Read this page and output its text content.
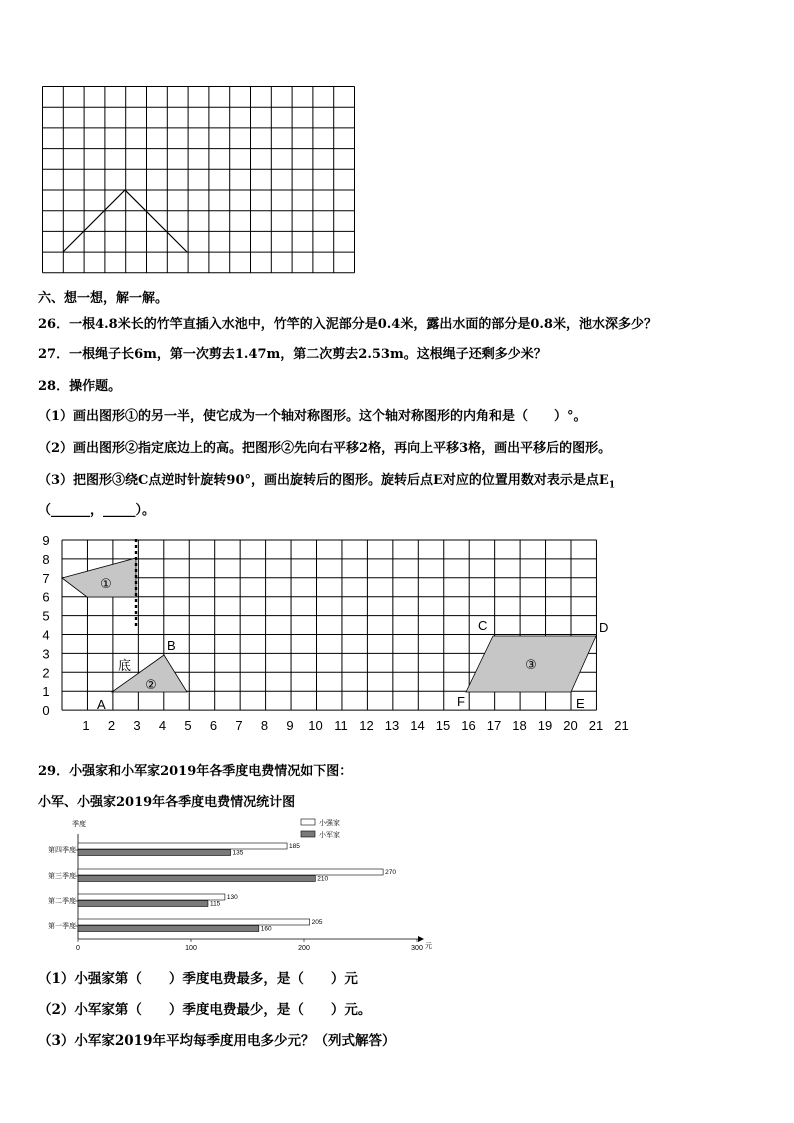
六、想一想，解一解。
26．一根4.8米长的竹竿直插入水池中，竹竿的入泥部分是0.4米，露出水面的部分是0.8米，池水深多少？
27．一根绳子长6m，第一次剪去1.47m，第二次剪去2.53m。这根绳子还剩多少米？
28．操作题。
（1）画出图形①的另一半，使它成为一个轴对称图形。这个轴对称图形的内角和是（　　）°。
（2）画出图形②指定底边上的高。把图形②先向右平移2格，再向上平移3格，画出平移后的图形。
（3）把图形③绕C点逆时针旋转90°，画出旋转后的图形。旋转后点E对应的位置用数对表示是点$E_1$
（______，_____）。
9
8
7
6
5
4
3
2
1
0
1 2 3 4 5 6 7 8 9 10 11 12 13 14 15 16 17 18 19 20 21 21
①
②
③
底
A
B
C	D
E
F
29．小强家和小军家2019年各季度电费情况如下图：
小军、小强家2019年各季度电费情况统计图
季度
元
小强家
小军家
第一季度
205
160
第二季度
130
115
第三季度
270
210
第四季度
185
135
0	100	200	300
（1）小强家第（　　）季度电费最多，是（　　）元
（2）小军家第（　　）季度电费最少，是（　　）元。
（3）小军家2019年平均每季度用电多少元？（列式解答）
